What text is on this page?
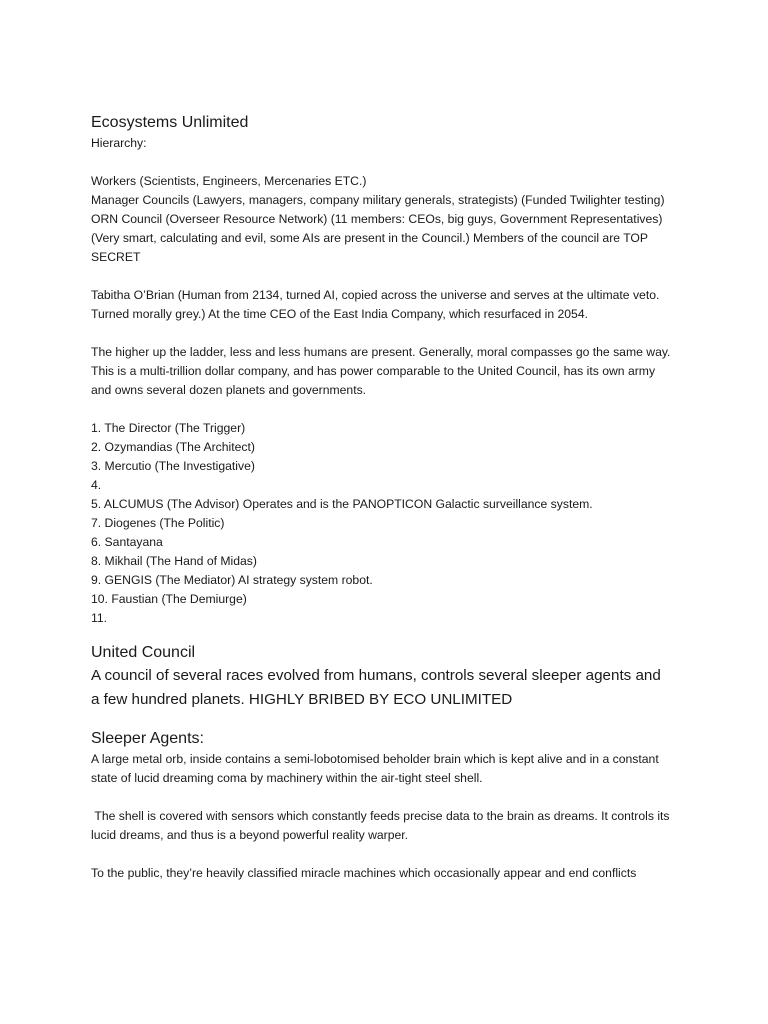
Ecosystems Unlimited

Hierarchy:

Workers (Scientists, Engineers, Mercenaries ETC.)

Manager Councils (Lawyers, managers, company military generals, strategists) (Funded Twilighter testing)

ORN Council (Overseer Resource Network) (11 members: CEOs, big guys, Government Representatives) (Very smart, calculating and evil, some AIs are present in the Council.) Members of the council are TOP SECRET

Tabitha O’Brian (Human from 2134, turned AI, copied across the universe and serves at the ultimate veto. Turned morally grey.) At the time CEO of the East India Company, which resurfaced in 2054.

The higher up the ladder, less and less humans are present. Generally, moral compasses go the same way.

This is a multi-trillion dollar company, and has power comparable to the United Council, has its own army and owns several dozen planets and governments.

1. The Director (The Trigger)
2. Ozymandias (The Architect)
3. Mercutio (The Investigative)
4.
5. ALCUMUS (The Advisor) Operates and is the PANOPTICON Galactic surveillance system.
7. Diogenes (The Politic)
6. Santayana
8. Mikhail (The Hand of Midas)
9. GENGIS (The Mediator) AI strategy system robot.
10. Faustian (The Demiurge)
11.
United Council

A council of several races evolved from humans, controls several sleeper agents and a few hundred planets. HIGHLY BRIBED BY ECO UNLIMITED

Sleeper Agents:

A large metal orb, inside contains a semi-lobotomised beholder brain which is kept alive and in a constant state of lucid dreaming coma by machinery within the air-tight steel shell.

The shell is covered with sensors which constantly feeds precise data to the brain as dreams. It controls its lucid dreams, and thus is a beyond powerful reality warper.

To the public, they’re heavily classified miracle machines which occasionally appear and end conflicts
